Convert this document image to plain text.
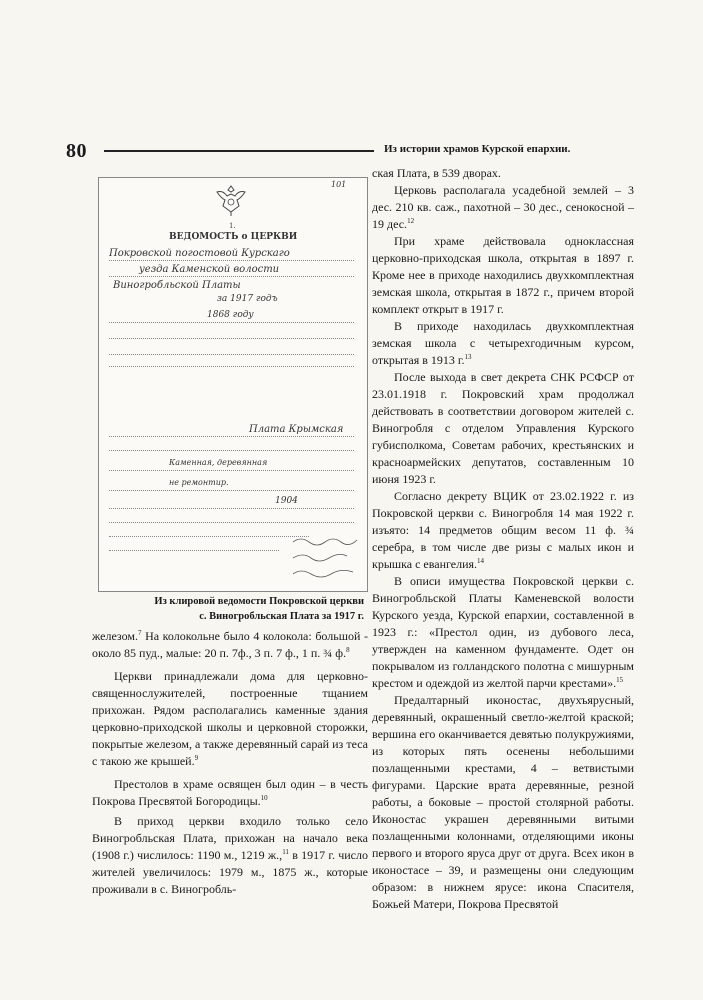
80	Из истории храмов Курской епархии.
1.
ВЕДОМОСТЬ о ЦЕРКВИ
101
Покровской погостовой Курскаго
уезда Каменской волости
Виногробльской Платы
за 1917 годъ
1868 году
Плата Крымская
Каменная, деревянная
не ремонтир.
1904
Из клировой ведомости Покровской церкви
с. Виногробльская Плата за 1917 г.

железом.$^7$ На колокольне было 4 колокола: большой - около 85 пуд., малые: 20 п. 7ф., 3 п. 7 ф., 1 п. ¾ ф.$^8$

Церкви принадлежали дома для церковно-священнослужителей, построенные тщанием прихожан. Рядом располагались каменные здания церковно-приходской школы и церковной сторожки, покрытые железом, а также деревянный сарай из теса с такою же крышей.$^9$

Престолов в храме освящен был один – в честь Покрова Пресвятой Богородицы.$^{10}$

В приход церкви входило только село Виногробльская Плата, прихожан на начало века (1908 г.) числилось: 1190 м., 1219 ж.,$^{11}$ в 1917 г. число жителей увеличилось: 1979 м., 1875 ж., которые проживали в с. Виногробль-

ская Плата, в 539 дворах.

Церковь располагала усадебной землей – 3 дес. 210 кв. саж., пахотной – 30 дес., сенокосной – 19 дес.$^{12}$

При храме действовала одноклассная церковно-приходская школа, открытая в 1897 г. Кроме нее в приходе находились двухкомплектная земская школа, открытая в 1872 г., причем второй комплект открыт в 1917 г.

В приходе находилась двухкомплектная земская школа с четырехгодичным курсом, открытая в 1913 г.$^{13}$

После выхода в свет декрета СНК РСФСР от 23.01.1918 г. Покровский храм продолжал действовать в соответствии договором жителей с. Виногробля с отделом Управления Курского губисполкома, Советам рабочих, крестьянских и красноармейских депутатов, составленным 10 июня 1923 г.

Согласно декрету ВЦИК от 23.02.1922 г. из Покровской церкви с. Виногробля 14 мая 1922 г. изъято: 14 предметов общим весом 11 ф. ¾ серебра, в том числе две ризы с малых икон и крышка с евангелия.$^{14}$

В описи имущества Покровской церкви с. Виногробльской Платы Каменевской волости Курского уезда, Курской епархии, составленной в 1923 г.: «Престол один, из дубового леса, утвержден на каменном фундаменте. Одет он покрывалом из голландского полотна с мишурным крестом и одеждой из желтой парчи крестами».$^{15}$

Предалтарный иконостас, двухъярусный, деревянный, окрашенный светло-желтой краской; вершина его оканчивается девятью полукружиями, из которых пять осенены небольшими позлащенными крестами, 4 – ветвистыми фигурами. Царские врата деревянные, резной работы, а боковые – простой столярной работы. Иконостас украшен деревянными витыми позлащенными колоннами, отделяющими иконы первого и второго яруса друг от друга. Всех икон в иконостасе – 39, и размещены они следующим образом: в нижнем ярусе: икона Спасителя, Божьей Матери, Покрова Пресвятой
